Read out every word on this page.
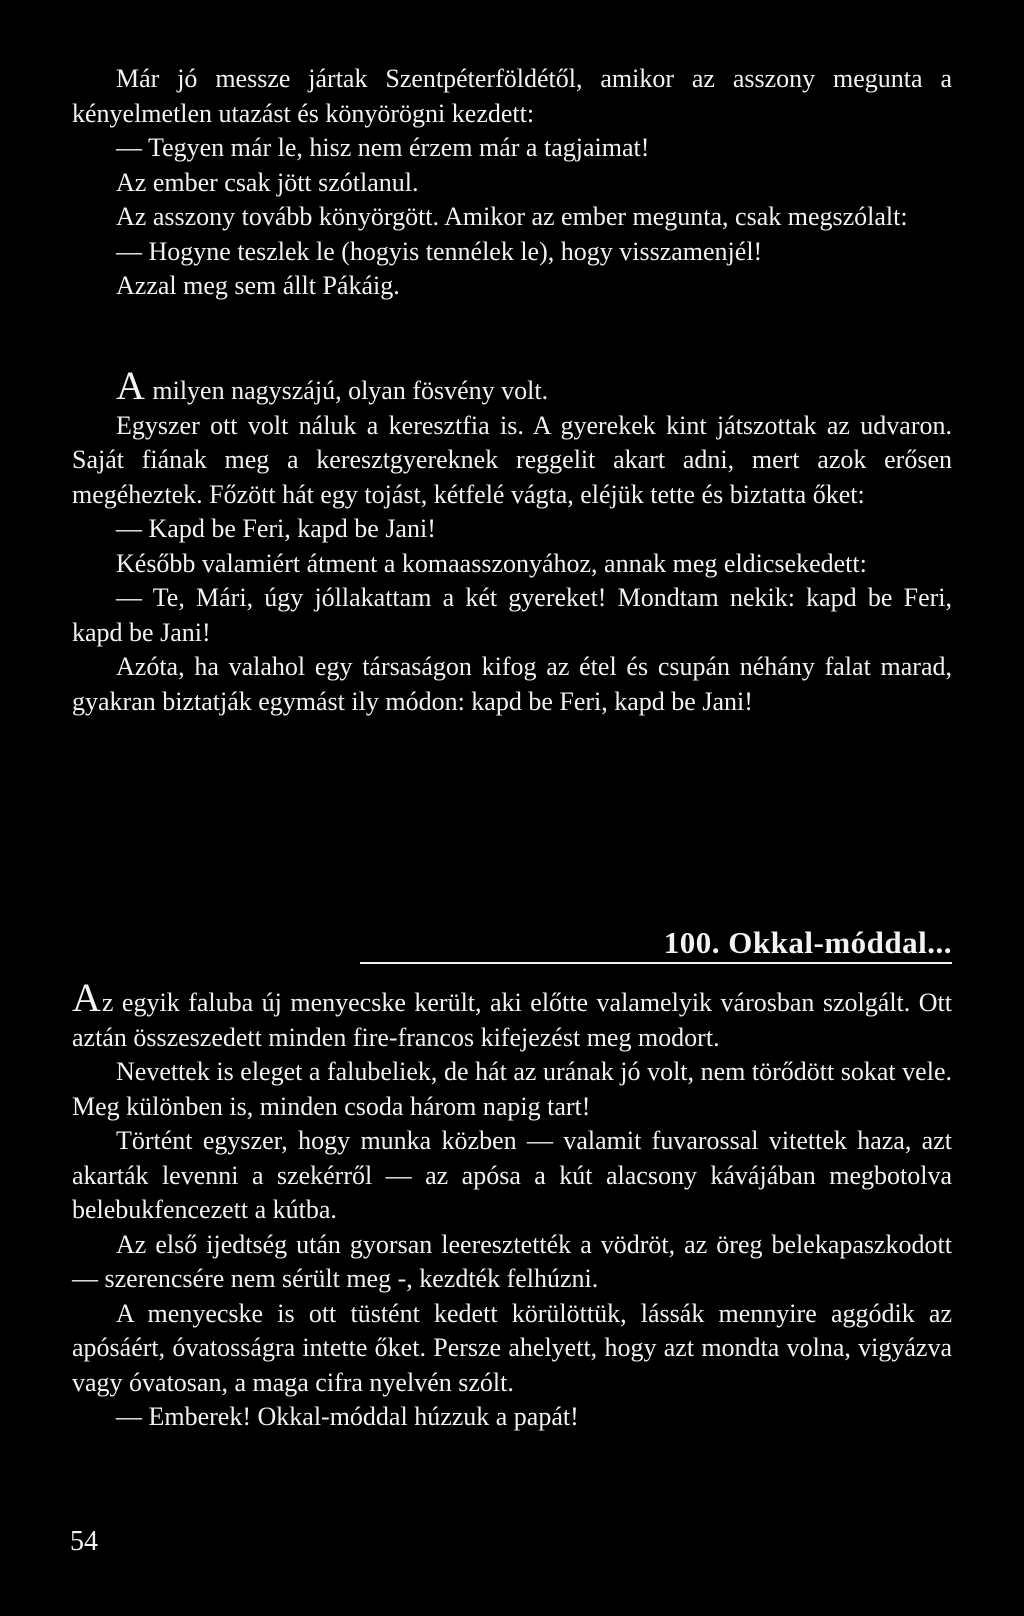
Már jó messze jártak Szentpéterföldétől, amikor az asszony megunta a kényelmetlen utazást és könyörögni kezdett:

— Tegyen már le, hisz nem érzem már a tagjaimat!

Az ember csak jött szótlanul.

Az asszony tovább könyörgött. Amikor az ember megunta, csak megszólalt:

— Hogyne teszlek le (hogyis tennélek le), hogy visszamenjél!

Azzal meg sem állt Pákáig.

A milyen nagyszájú, olyan fösvény volt.

Egyszer ott volt náluk a keresztfia is. A gyerekek kint játszottak az udvaron. Saját fiának meg a keresztgyereknek reggelit akart adni, mert azok erősen megéheztek. Főzött hát egy tojást, kétfelé vágta, eléjük tette és biztatta őket:

— Kapd be Feri, kapd be Jani!

Később valamiért átment a komaasszonyához, annak meg eldicsekedett:

— Te, Mári, úgy jóllakattam a két gyereket! Mondtam nekik: kapd be Feri, kapd be Jani!

Azóta, ha valahol egy társaságon kifog az étel és csupán néhány falat marad, gyakran biztatják egymást ily módon: kapd be Feri, kapd be Jani!

100. Okkal-móddal...

Az egyik faluba új menyecske került, aki előtte valamelyik városban szolgált. Ott aztán összeszedett minden fire-francos kifejezést meg modort.

Nevettek is eleget a falubeliek, de hát az urának jó volt, nem törődött sokat vele. Meg különben is, minden csoda három napig tart!

Történt egyszer, hogy munka közben — valamit fuvarossal vitettek haza, azt akarták levenni a szekérről — az apósa a kút alacsony kávájában megbotolva belebukfencezett a kútba.

Az első ijedtség után gyorsan leeresztették a vödröt, az öreg belekapaszkodott — szerencsére nem sérült meg -, kezdték felhúzni.

A menyecske is ott tüstént kedett körülöttük, lássák mennyire aggódik az apósáért, óvatosságra intette őket. Persze ahelyett, hogy azt mondta volna, vigyázva vagy óvatosan, a maga cifra nyelvén szólt.

— Emberek! Okkal-móddal húzzuk a papát!

54
